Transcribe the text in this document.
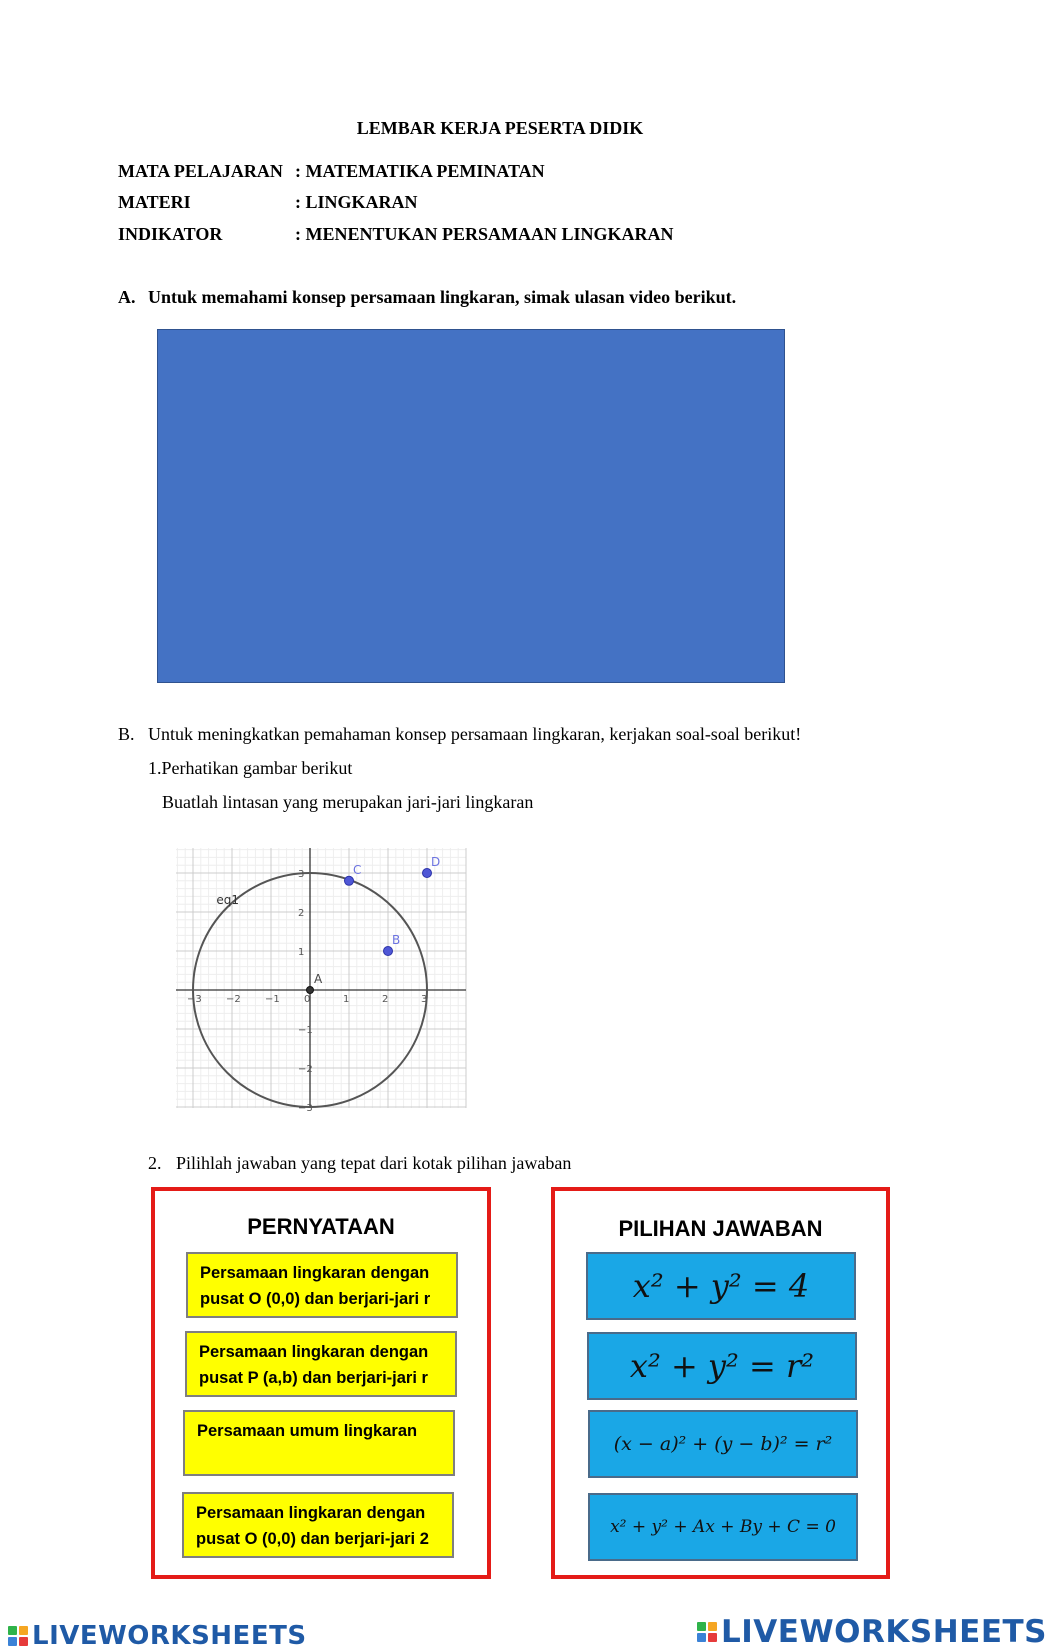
LEMBAR KERJA PESERTA DIDIK
MATA PELAJARAN : MATEMATIKA PEMINATAN
MATERI	: LINGKARAN
INDIKATOR	: MENENTUKAN PERSAMAAN LINGKARAN
A. Untuk memahami konsep persamaan lingkaran, simak ulasan video berikut.
B. Untuk meningkatkan pemahaman konsep persamaan lingkaran, kerjakan soal-soal berikut!
1.Perhatikan gambar berikut
Buatlah lintasan yang merupakan jari-jari lingkaran
−3 −2 −1 0	1	2	3
3
2
1
−1
−2
−3
eq1
A
B
C
D
2. Pilihlah jawaban yang tepat dari kotak pilihan jawaban
PERNYATAAN
Persamaan lingkaran dengan pusat O (0,0) dan berjari-jari r
Persamaan lingkaran dengan pusat P (a,b) dan berjari-jari r
Persamaan umum lingkaran
Persamaan lingkaran dengan pusat O (0,0) dan berjari-jari 2
PILIHAN JAWABAN
x² + y² = 4
x² + y² = r²
(x − a)² + (y − b)² = r²
x² + y² + Ax + By + C = 0
LIVEWORKSHEETS	LIVEWORKSHEETS
